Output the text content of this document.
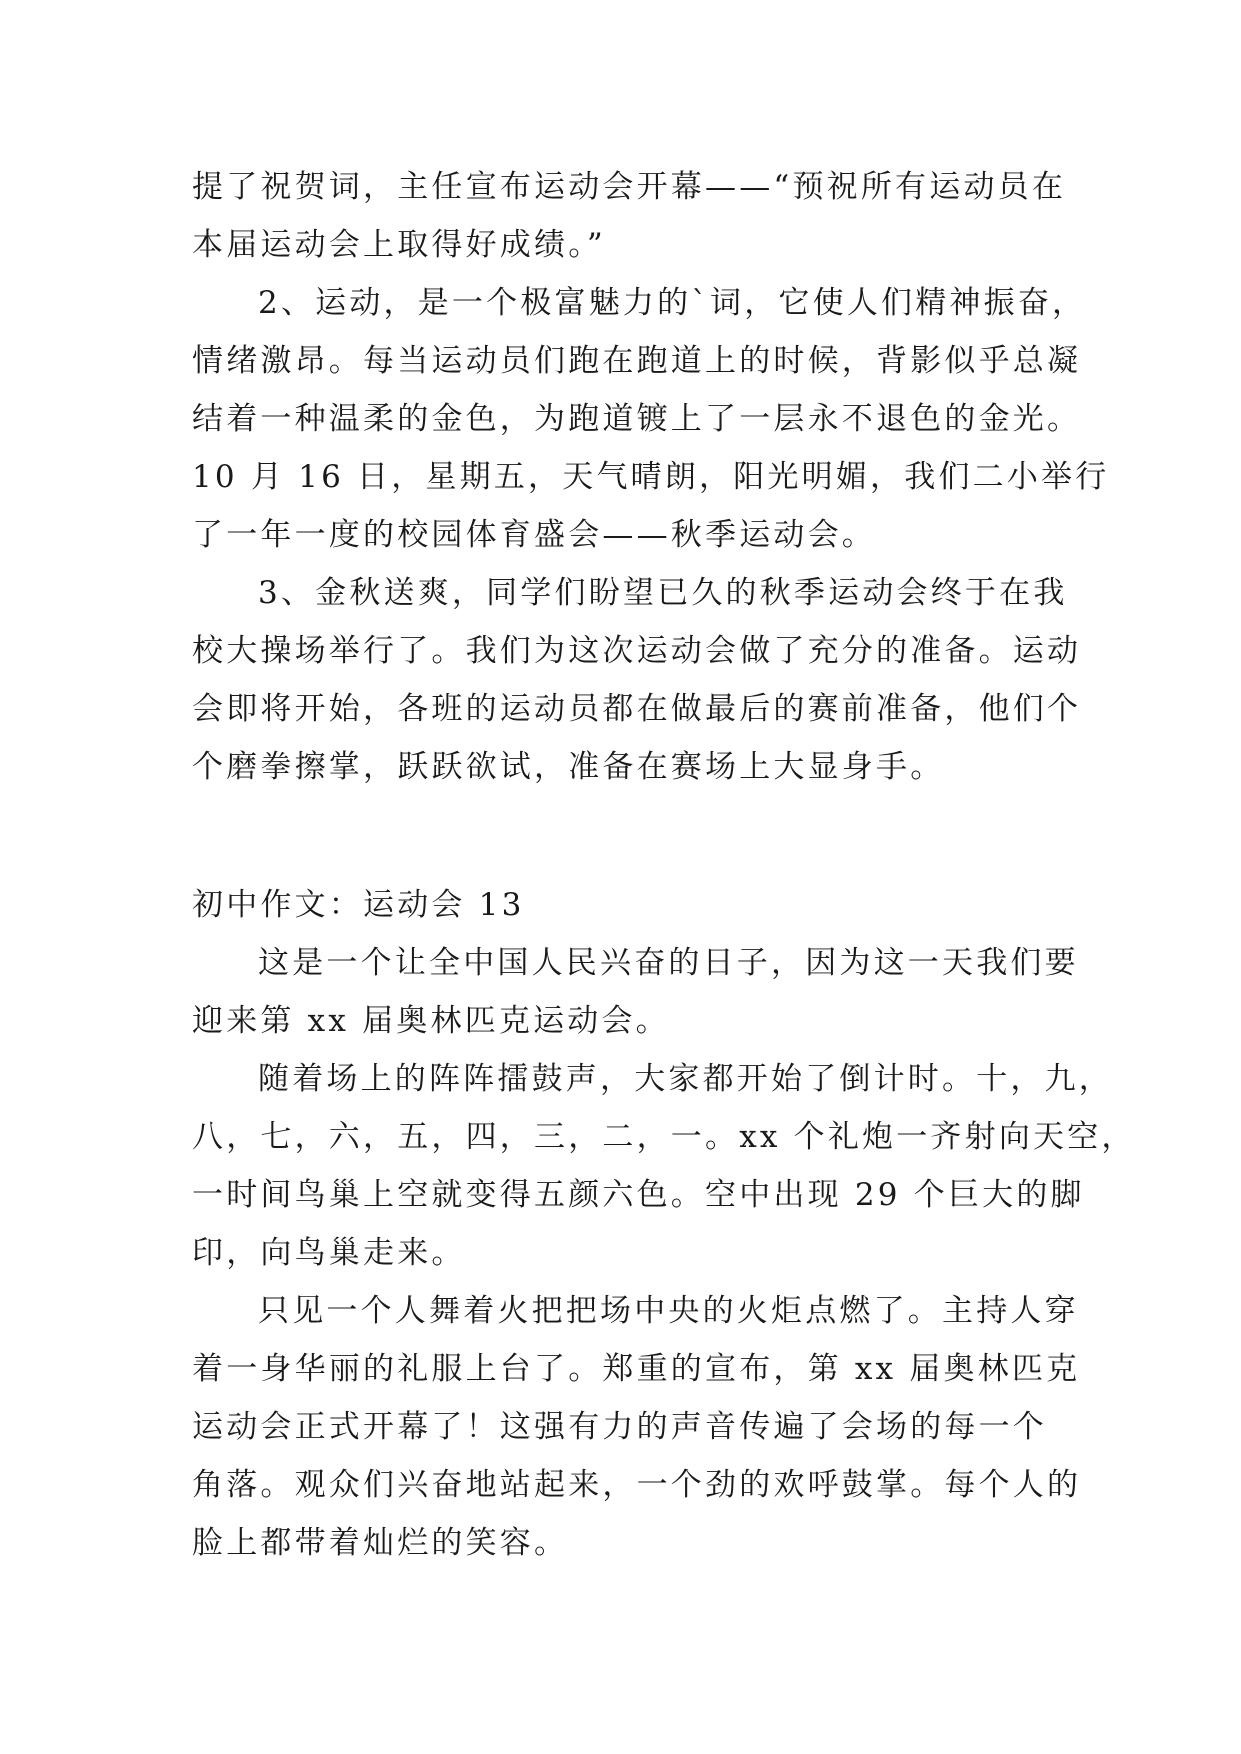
提了祝贺词，主任宣布运动会开幕——“预祝所有运动员在
本届运动会上取得好成绩。”
2、运动，是一个极富魅力的`词，它使人们精神振奋，
情绪激昂。每当运动员们跑在跑道上的时候，背影似乎总凝
结着一种温柔的金色，为跑道镀上了一层永不退色的金光。
10 月 16 日，星期五，天气晴朗，阳光明媚，我们二小举行
了一年一度的校园体育盛会——秋季运动会。
3、金秋送爽，同学们盼望已久的秋季运动会终于在我
校大操场举行了。我们为这次运动会做了充分的准备。运动
会即将开始，各班的运动员都在做最后的赛前准备，他们个
个磨拳擦掌，跃跃欲试，准备在赛场上大显身手。
初中作文：运动会 13
这是一个让全中国人民兴奋的日子，因为这一天我们要
迎来第 xx 届奥林匹克运动会。
随着场上的阵阵擂鼓声，大家都开始了倒计时。十，九，
八，七，六，五，四，三，二，一。xx 个礼炮一齐射向天空，
一时间鸟巢上空就变得五颜六色。空中出现 29 个巨大的脚
印，向鸟巢走来。
只见一个人舞着火把把场中央的火炬点燃了。主持人穿
着一身华丽的礼服上台了。郑重的宣布，第 xx 届奥林匹克
运动会正式开幕了！这强有力的声音传遍了会场的每一个
角落。观众们兴奋地站起来，一个劲的欢呼鼓掌。每个人的
脸上都带着灿烂的笑容。
